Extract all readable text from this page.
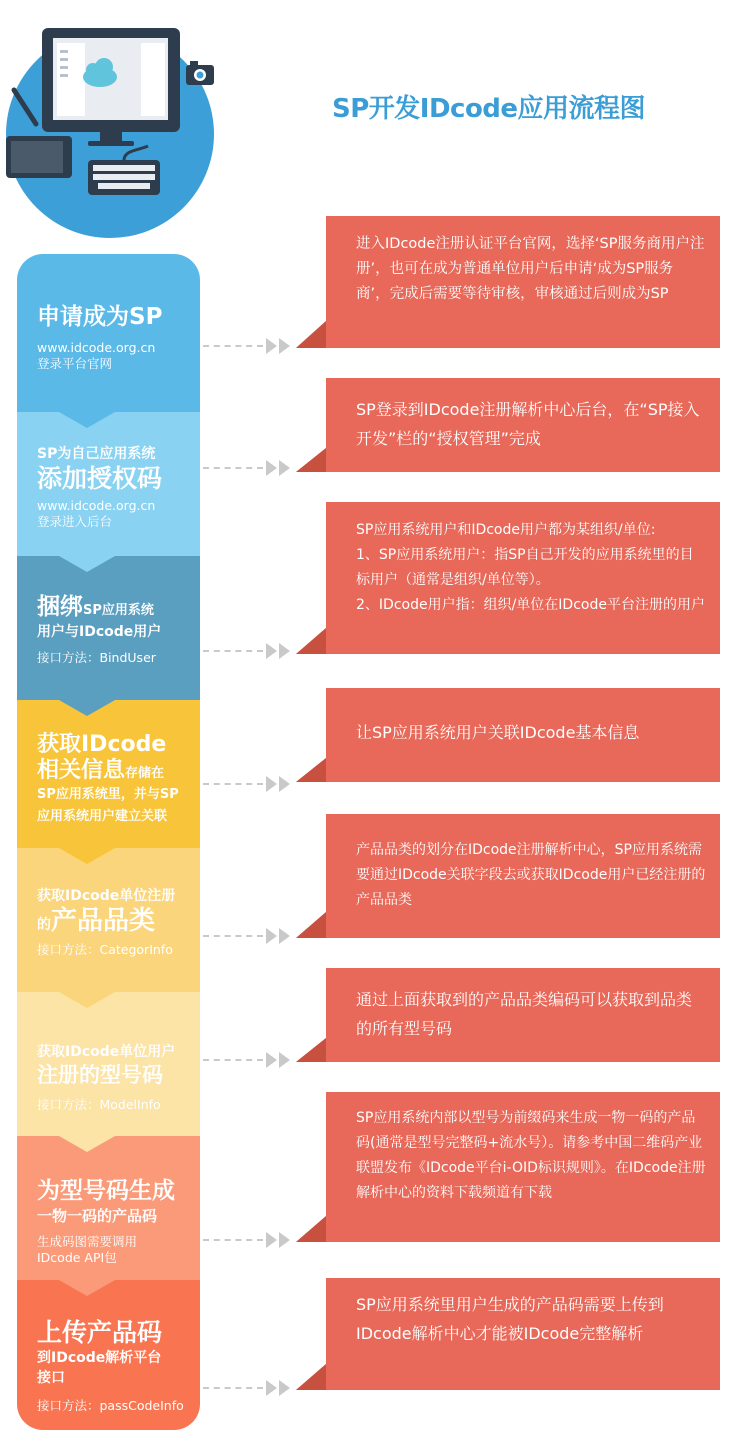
SP开发IDcode应用流程图
申请成为SP
www.idcode.org.cn
登录平台官网
SP为自己应用系统
添加授权码
www.idcode.org.cn
登录进入后台
捆绑SP应用系统
用户与IDcode用户
接口方法：BindUser
获取IDcode
相关信息存储在
SP应用系统里，并与SP
应用系统用户建立关联
获取IDcode单位注册
的产品品类
接口方法：CategorInfo
获取IDcode单位用户
注册的型号码
接口方法：ModelInfo
为型号码生成
一物一码的产品码
生成码图需要调用
IDcode API包
上传产品码
到IDcode解析平台
接口
接口方法：passCodeInfo
进入IDcode注册认证平台官网，选择‘SP服务商用户注册’，也可在成为普通单位用户后申请‘成为SP服务商’，完成后需要等待审核，审核通过后则成为SP
SP登录到IDcode注册解析中心后台，在“SP接入开发”栏的“授权管理”完成
SP应用系统用户和IDcode用户都为某组织/单位:
1、SP应用系统用户：指SP自己开发的应用系统里的目标用户（通常是组织/单位等）。
2、IDcode用户指：组织/单位在IDcode平台注册的用户
让SP应用系统用户关联IDcode基本信息
产品品类的划分在IDcode注册解析中心，SP应用系统需要通过IDcode关联字段去或获取IDcode用户已经注册的产品品类
通过上面获取到的产品品类编码可以获取到品类的所有型号码
SP应用系统内部以型号为前缀码来生成一物一码的产品码(通常是型号完整码+流水号）。请参考中国二维码产业联盟发布《IDcode平台i-OID标识规则》。在IDcode注册解析中心的资料下载频道有下载
SP应用系统里用户生成的产品码需要上传到IDcode解析中心才能被IDcode完整解析
